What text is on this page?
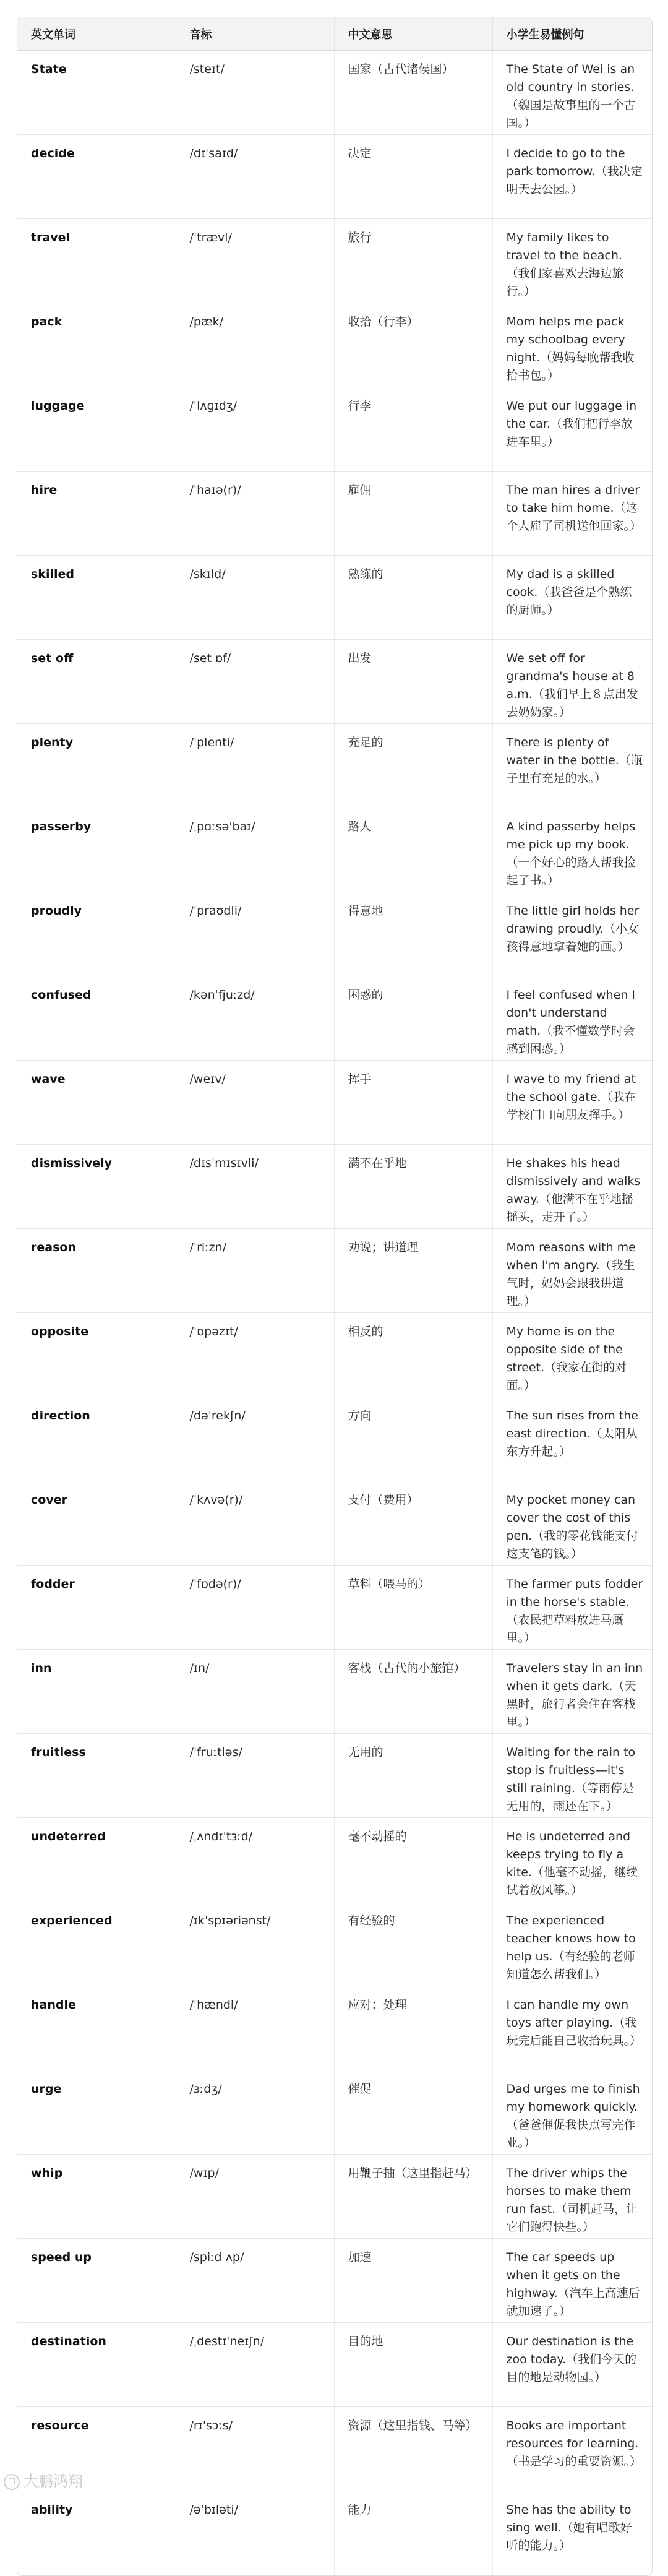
英文单词	音标	中文意思	小学生易懂例句
State	/steɪt/	国家（古代诸侯国）	The State of Wei is an old country in stories.（魏国是故事里的一个古国。）
decide	/dɪˈsaɪd/	决定	I decide to go to the park tomorrow.（我决定明天去公园。）
travel	/ˈtrævl/	旅行	My family likes to travel to the beach.（我们家喜欢去海边旅行。）
pack	/pæk/	收拾（行李）	Mom helps me pack my schoolbag every night.（妈妈每晚帮我收拾书包。）
luggage	/ˈlʌɡɪdʒ/	行李	We put our luggage in the car.（我们把行李放进车里。）
hire	/ˈhaɪə(r)/	雇佣	The man hires a driver to take him home.（这个人雇了司机送他回家。）
skilled	/skɪld/	熟练的	My dad is a skilled cook.（我爸爸是个熟练的厨师。）
set off	/set ɒf/	出发	We set off for grandma's house at 8 a.m.（我们早上８点出发去奶奶家。）
plenty	/ˈplenti/	充足的	There is plenty of water in the bottle.（瓶子里有充足的水。）
passerby	/ˌpɑːsəˈbaɪ/	路人	A kind passerby helps me pick up my book.（一个好心的路人帮我捡起了书。）
proudly	/ˈpraʊdli/	得意地	The little girl holds her drawing proudly.（小女孩得意地拿着她的画。）
confused	/kənˈfjuːzd/	困惑的	I feel confused when I don't understand math.（我不懂数学时会感到困惑。）
wave	/weɪv/	挥手	I wave to my friend at the school gate.（我在学校门口向朋友挥手。）
dismissively	/dɪsˈmɪsɪvli/	满不在乎地	He shakes his head dismissively and walks away.（他满不在乎地摇摇头，走开了。）
reason	/ˈriːzn/	劝说；讲道理	Mom reasons with me when I'm angry.（我生气时，妈妈会跟我讲道理。）
opposite	/ˈɒpəzɪt/	相反的	My home is on the opposite side of the street.（我家在街的对面。）
direction	/dəˈrekʃn/	方向	The sun rises from the east direction.（太阳从东方升起。）
cover	/ˈkʌvə(r)/	支付（费用）	My pocket money can cover the cost of this pen.（我的零花钱能支付这支笔的钱。）
fodder	/ˈfɒdə(r)/	草料（喂马的）	The farmer puts fodder in the horse's stable.（农民把草料放进马厩里。）
inn	/ɪn/	客栈（古代的小旅馆）	Travelers stay in an inn when it gets dark.（天黑时，旅行者会住在客栈里。）
fruitless	/ˈfruːtləs/	无用的	Waiting for the rain to stop is fruitless—it's still raining.（等雨停是无用的，雨还在下。）
undeterred	/ˌʌndɪˈtɜːd/	毫不动摇的	He is undeterred and keeps trying to fly a kite.（他毫不动摇，继续试着放风筝。）
experienced	/ɪkˈspɪəriənst/	有经验的	The experienced teacher knows how to help us.（有经验的老师知道怎么帮我们。）
handle	/ˈhændl/	应对；处理	I can handle my own toys after playing.（我玩完后能自己收拾玩具。）
urge	/ɜːdʒ/	催促	Dad urges me to finish my homework quickly.（爸爸催促我快点写完作业。）
whip	/wɪp/	用鞭子抽（这里指赶马）	The driver whips the horses to make them run fast.（司机赶马，让它们跑得快些。）
speed up	/spiːd ʌp/	加速	The car speeds up when it gets on the highway.（汽车上高速后就加速了。）
destination	/ˌdestɪˈneɪʃn/	目的地	Our destination is the zoo today.（我们今天的目的地是动物园。）
resource	/rɪˈsɔːs/	资源（这里指钱、马等）	Books are important resources for learning.（书是学习的重要资源。）
ability	/əˈbɪləti/	能力	She has the ability to sing well.（她有唱歌好听的能力。）
大鹏鸿翔
